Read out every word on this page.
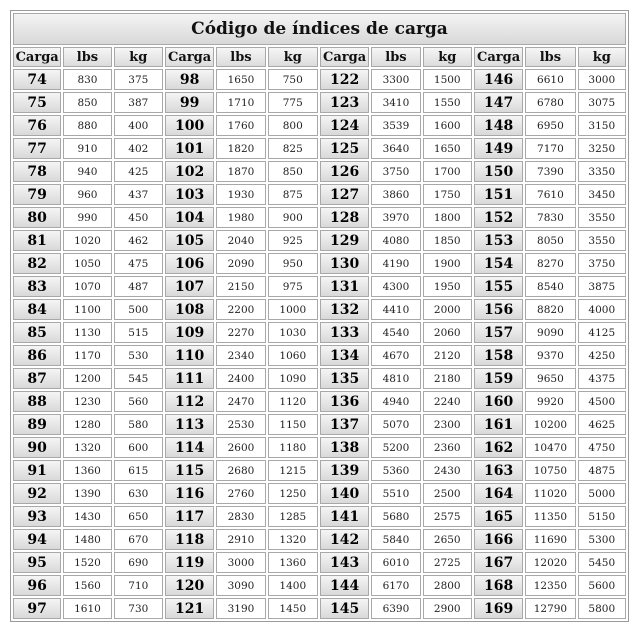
Código de índices de carga											
Carga	lbs	kg	Carga	lbs	kg	Carga	lbs	kg	Carga	lbs	kg
74	830	375	98	1650	750	122	3300	1500	146	6610	3000
75	850	387	99	1710	775	123	3410	1550	147	6780	3075
76	880	400	100	1760	800	124	3539	1600	148	6950	3150
77	910	402	101	1820	825	125	3640	1650	149	7170	3250
78	940	425	102	1870	850	126	3750	1700	150	7390	3350
79	960	437	103	1930	875	127	3860	1750	151	7610	3450
80	990	450	104	1980	900	128	3970	1800	152	7830	3550
81	1020	462	105	2040	925	129	4080	1850	153	8050	3550
82	1050	475	106	2090	950	130	4190	1900	154	8270	3750
83	1070	487	107	2150	975	131	4300	1950	155	8540	3875
84	1100	500	108	2200	1000	132	4410	2000	156	8820	4000
85	1130	515	109	2270	1030	133	4540	2060	157	9090	4125
86	1170	530	110	2340	1060	134	4670	2120	158	9370	4250
87	1200	545	111	2400	1090	135	4810	2180	159	9650	4375
88	1230	560	112	2470	1120	136	4940	2240	160	9920	4500
89	1280	580	113	2530	1150	137	5070	2300	161	10200	4625
90	1320	600	114	2600	1180	138	5200	2360	162	10470	4750
91	1360	615	115	2680	1215	139	5360	2430	163	10750	4875
92	1390	630	116	2760	1250	140	5510	2500	164	11020	5000
93	1430	650	117	2830	1285	141	5680	2575	165	11350	5150
94	1480	670	118	2910	1320	142	5840	2650	166	11690	5300
95	1520	690	119	3000	1360	143	6010	2725	167	12020	5450
96	1560	710	120	3090	1400	144	6170	2800	168	12350	5600
97	1610	730	121	3190	1450	145	6390	2900	169	12790	5800
